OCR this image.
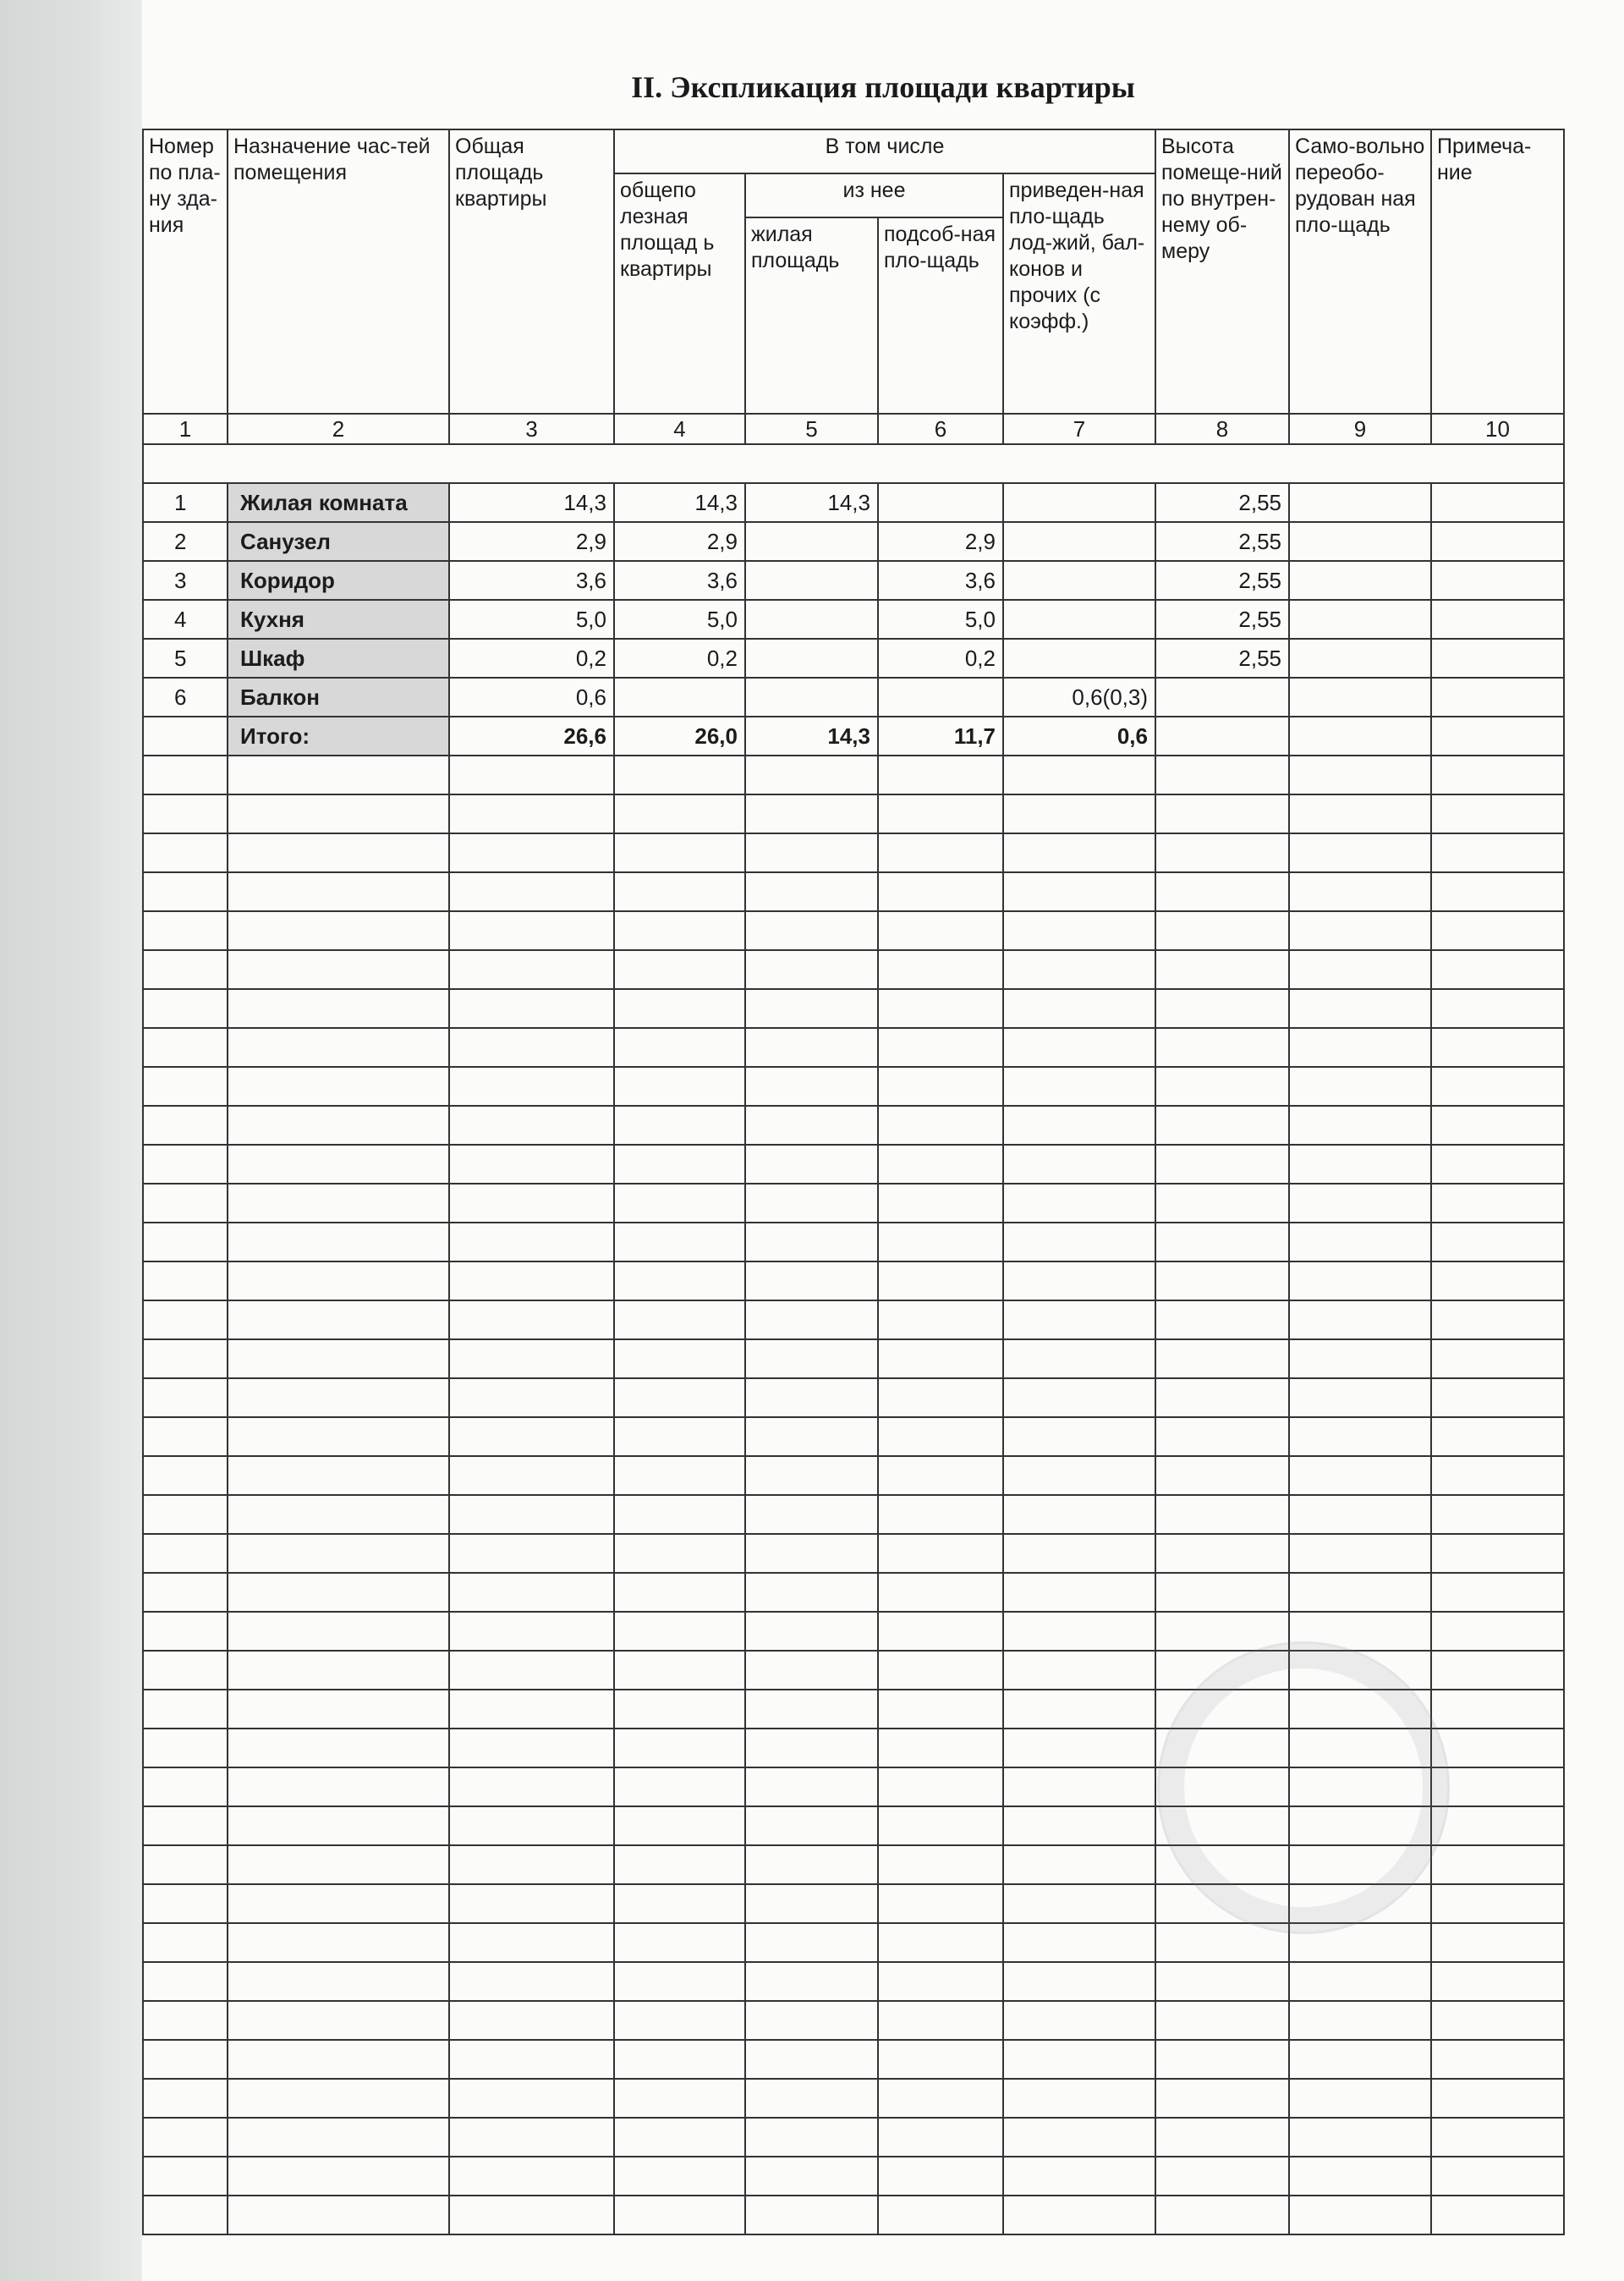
II. Экспликация площади квартиры
Номер по пла-ну зда-ния	Назначение час-тей помещения	Общая площадь квартиры	В том числе				Высота помеще-ний по внутрен-нему об-меру	Само-вольно переобо-рудован ная пло-щадь	Примеча-ние
			общепо лезная площад ь квартиры	из нее		приведен-ная пло-щадь лод-жий, бал-конов и прочих (с коэфф.)			
				жилая площадь	подсоб-ная пло-щадь				
1	2	3	4	5	6	7	8	9	10

1	Жилая комната	14,3	14,3	14,3			2,55		
2	Санузел	2,9	2,9		2,9		2,55		
3	Коридор	3,6	3,6		3,6		2,55		
4	Кухня	5,0	5,0		5,0		2,55		
5	Шкаф	0,2	0,2		0,2		2,55		
6	Балкон	0,6				0,6(0,3)			
	Итого:	26,6	26,0	14,3	11,7	0,6			
